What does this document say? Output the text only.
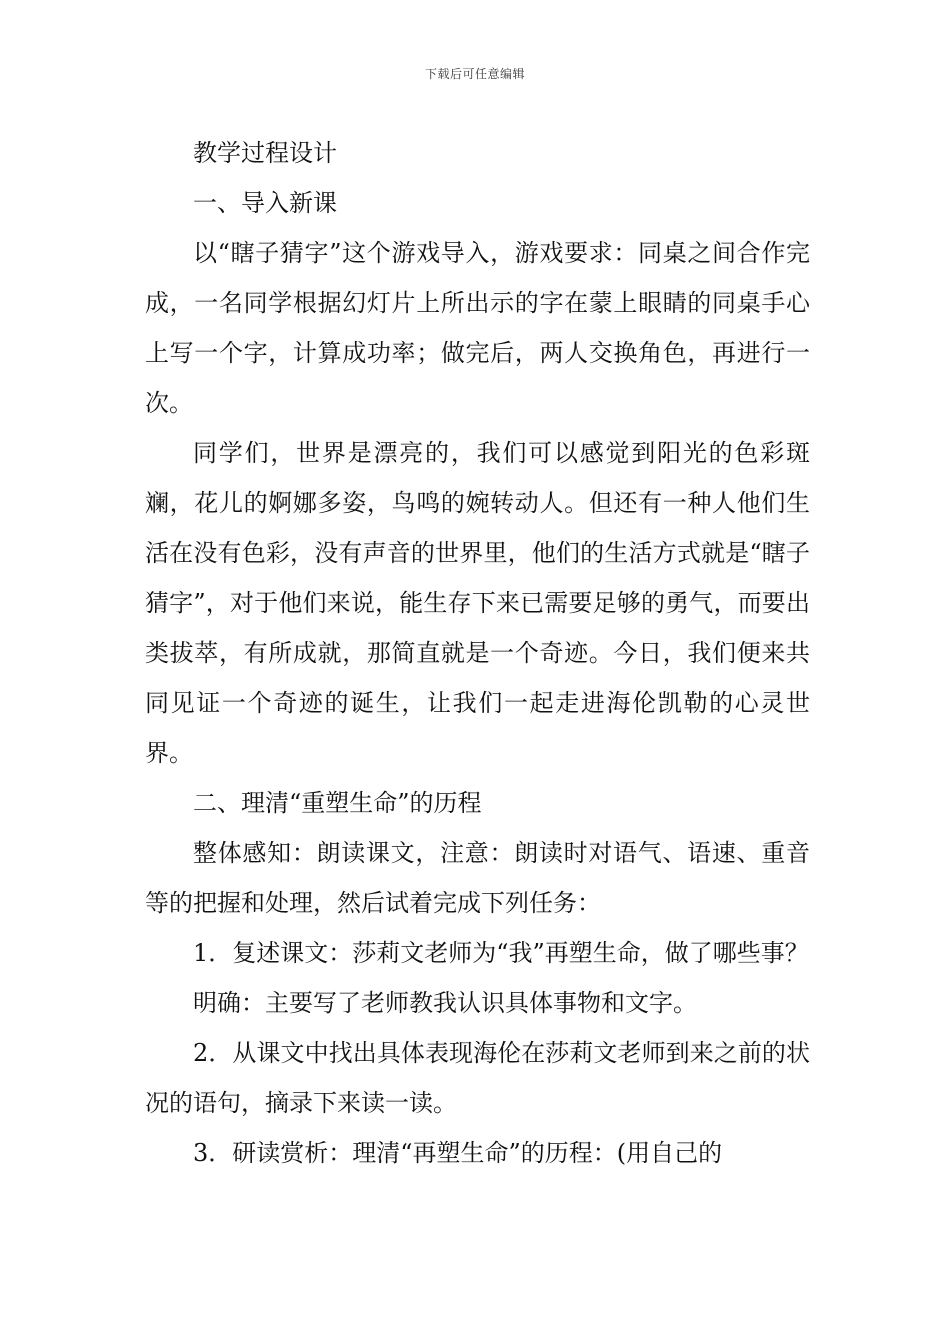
下载后可任意编辑

教学过程设计

一、导入新课

以“瞎子猜字”这个游戏导入，游戏要求：同桌之间合作完成，一名同学根据幻灯片上所出示的字在蒙上眼睛的同桌手心上写一个字，计算成功率；做完后，两人交换角色，再进行一次。

同学们，世界是漂亮的，我们可以感觉到阳光的色彩斑斓，花儿的婀娜多姿，鸟鸣的婉转动人。但还有一种人他们生活在没有色彩，没有声音的世界里，他们的生活方式就是“瞎子猜字”，对于他们来说，能生存下来已需要足够的勇气，而要出类拔萃，有所成就，那简直就是一个奇迹。今日，我们便来共同见证一个奇迹的诞生，让我们一起走进海伦凯勒的心灵世界。

二、理清“重塑生命”的历程

整体感知：朗读课文，注意：朗读时对语气、语速、重音等的把握和处理，然后试着完成下列任务：

1．复述课文：莎莉文老师为“我”再塑生命，做了哪些事？

明确：主要写了老师教我认识具体事物和文字。

2．从课文中找出具体表现海伦在莎莉文老师到来之前的状况的语句，摘录下来读一读。

3．研读赏析：理清“再塑生命”的历程：(用自己的
